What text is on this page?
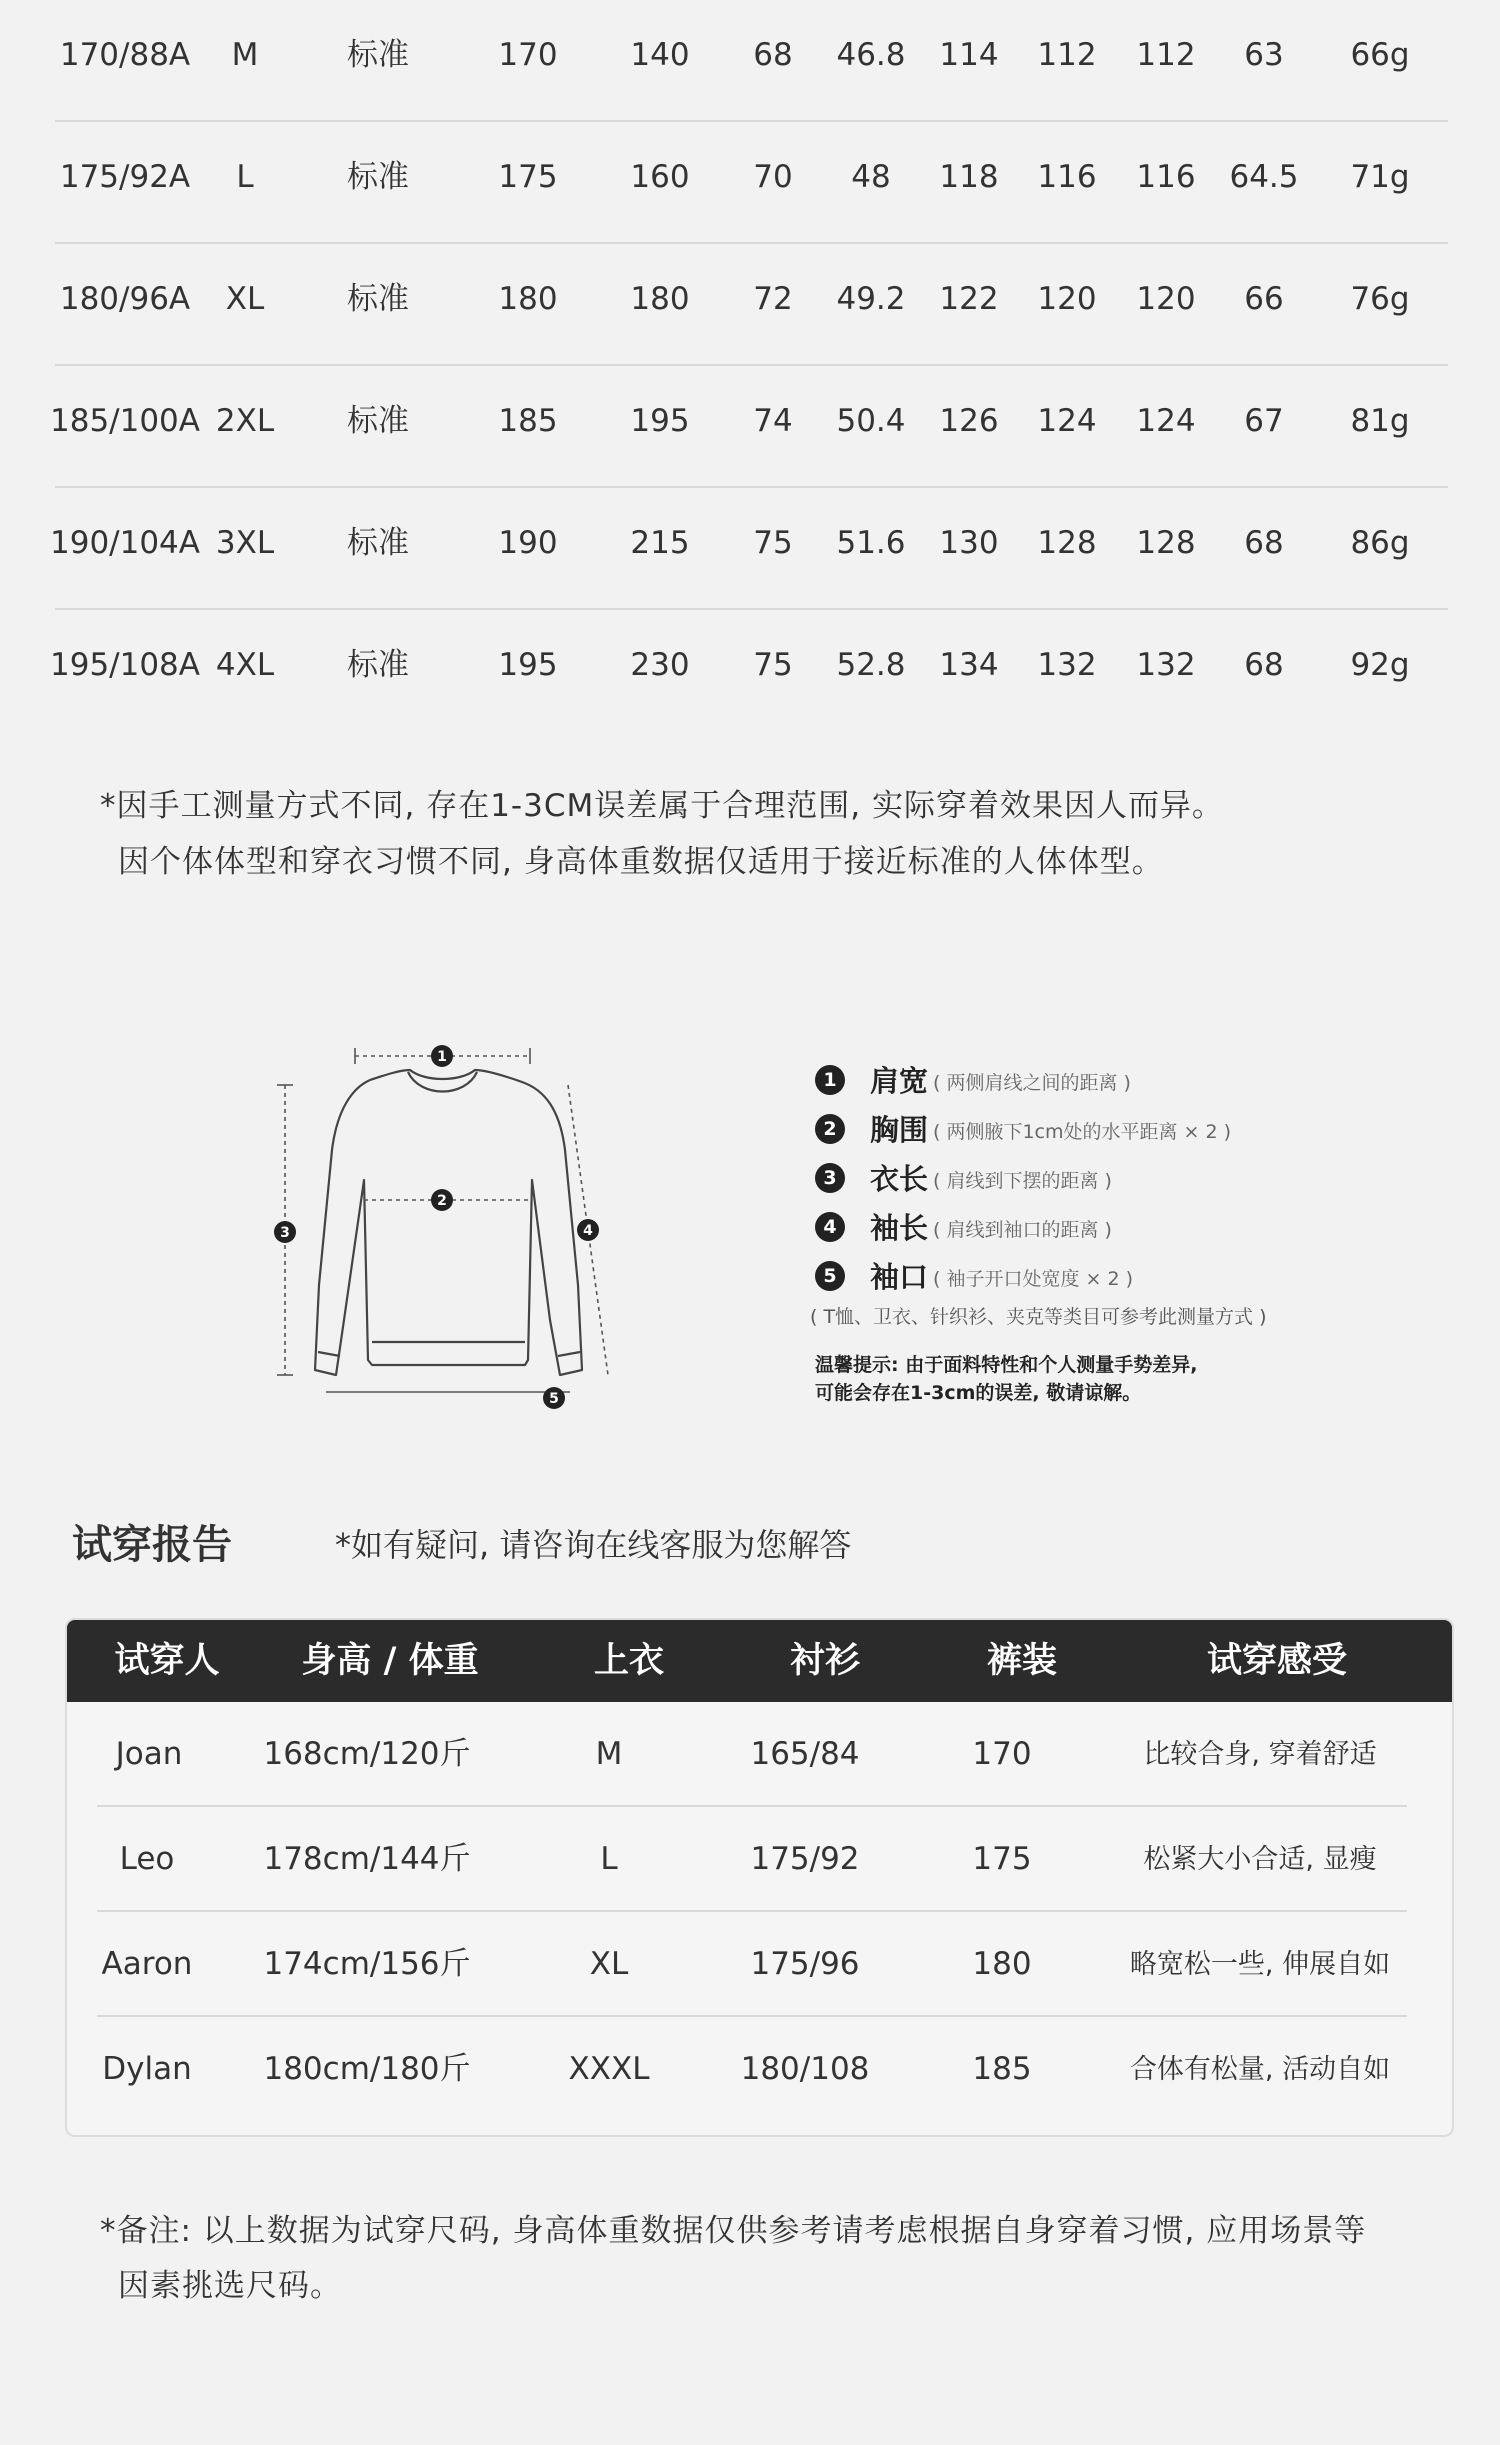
170/88A M	标准	170 140 68 46.8 114 112 112 63 66g
175/92A L	标准	175 160 70 48 118 116 116 64.5 71g
180/96A XL	标准	180 180 72 49.2 122 120 120 66 76g
185/100A 2XL 标准	185 195 74 50.4 126 124 124 67 81g
190/104A 3XL 标准	190 215 75 51.6 130 128 128 68 86g
195/108A 4XL 标准	195 230 75 52.8 134 132 132 68 92g
*因手工测量方式不同, 存在1-3CM误差属于合理范围, 实际穿着效果因人而异。
因个体体型和穿衣习惯不同, 身高体重数据仅适用于接近标准的人体体型。
1
2
3	4
5
1 肩宽 ( 两侧肩线之间的距离 )
2 胸围 ( 两侧腋下1cm处的水平距离 × 2 )
3 衣长 ( 肩线到下摆的距离 )
4 袖长 ( 肩线到袖口的距离 )
5 袖口 ( 袖子开口处宽度 × 2 )
( T恤、卫衣、针织衫、夹克等类目可参考此测量方式 )
温馨提示: 由于面料特性和个人测量手势差异,
可能会存在1-3cm的误差, 敬请谅解。
试穿报告	*如有疑问, 请咨询在线客服为您解答
试穿人 身高 / 体重	上衣	衬衫	裤装	试穿感受
Joan	168cm/120斤	M	165/84	170	比较合身, 穿着舒适
Leo	178cm/144斤	L	175/92	175	松紧大小合适, 显瘦
Aaron 174cm/156斤	XL	175/96	180	略宽松一些, 伸展自如
Dylan 180cm/180斤	XXXL	180/108	185	合体有松量, 活动自如
*备注: 以上数据为试穿尺码, 身高体重数据仅供参考请考虑根据自身穿着习惯, 应用场景等
因素挑选尺码。
